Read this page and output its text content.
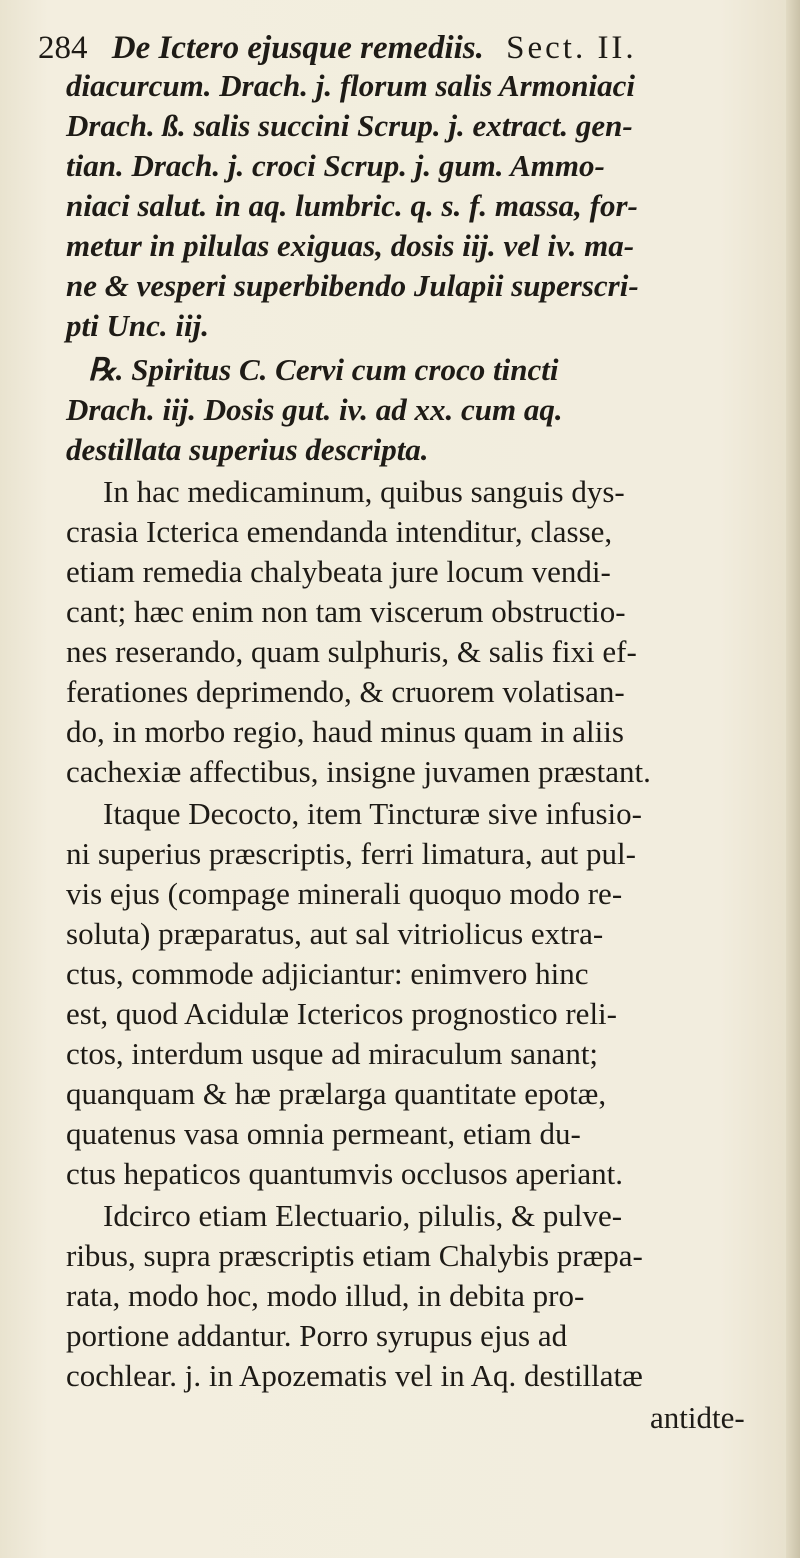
284 De Ictero ejusque remediis. Sect. II.
diacurcum. Drach. j. florum salis Armoniaci
Drach. ß. salis succini Scrup. j. extract. gen-
tian. Drach. j. croci Scrup. j. gum. Ammo-
niaci salut. in aq. lumbric. q. s. f. massa, for-
metur in pilulas exiguas, dosis iij. vel iv. ma-
ne & vesperi superbibendo Julapii superscri-
pti Unc. iij.
℞. Spiritus C. Cervi cum croco tincti
Drach. iij. Dosis gut. iv. ad xx. cum aq.
destillata superius descripta.
In hac medicaminum, quibus sanguis dys-
crasia Icterica emendanda intenditur, classe,
etiam remedia chalybeata jure locum vendi-
cant; hæc enim non tam viscerum obstructio-
nes reserando, quam sulphuris, & salis fixi ef-
ferationes deprimendo, & cruorem volatisan-
do, in morbo regio, haud minus quam in aliis
cachexiæ affectibus, insigne juvamen præstant.
Itaque Decocto, item Tincturæ sive infusio-
ni superius præscriptis, ferri limatura, aut pul-
vis ejus (compage minerali quoquo modo re-
soluta) præparatus, aut sal vitriolicus extra-
ctus, commode adjiciantur: enimvero hinc
est, quod Acidulæ Ictericos prognostico reli-
ctos, interdum usque ad miraculum sanant;
quanquam & hæ prælarga quantitate epotæ,
quatenus vasa omnia permeant, etiam du-
ctus hepaticos quantumvis occlusos aperiant.
Idcirco etiam Electuario, pilulis, & pulve-
ribus, supra præscriptis etiam Chalybis præpa-
rata, modo hoc, modo illud, in debita pro-
portione addantur. Porro syrupus ejus ad
cochlear. j. in Apozematis vel in Aq. destillatæ
antidte-
